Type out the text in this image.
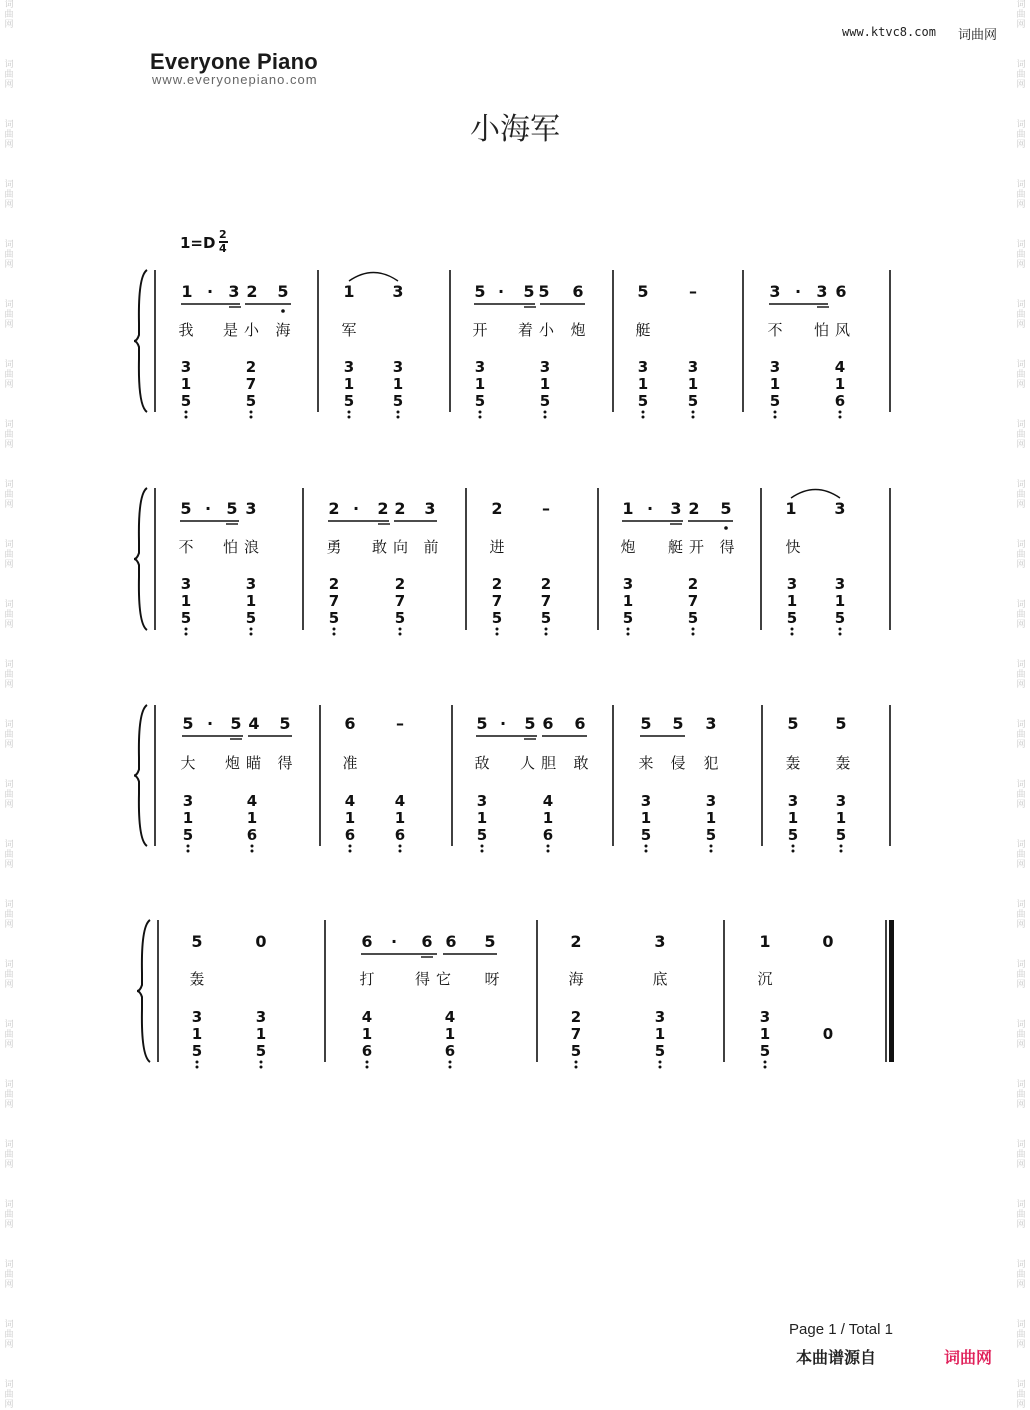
词
曲
网
词
曲
网
词
曲
网
词
曲
网
词
曲
网
词
曲
网
词
曲
网
词
曲
网
词
曲
网
词
曲
网
词
曲
网
词
曲
网
词
曲
网
词
曲
网
词
曲
网
词
曲
网
词
曲
网
词
曲
网
词
曲
网
词
曲
网
词
曲
网
词
曲
网
词
曲
网
词
曲
网
词
曲
网
词
曲
网
词
曲
网
词
曲
网
词
曲
网
词
曲
网
词
曲
网
词
曲
网
词
曲
网
词
曲
网
词
曲
网
词
曲
网
词
曲
网
词
曲
网
词
曲
网
词
曲
网
词
曲
网
词
曲
网
词
曲
网
词
曲
网
词
曲
网
词
曲
网
词
曲
网
词
曲
网
www.ktvc8.com 词曲网
Everyone Piano
www.everyonepiano.com
小海军
1=D 2
4
1 · 3 2 5
我 是小 海
3
1
5
2
7
5
1 3
军
3
1
5
3
1
5
5 · 5 5 6
开 着小 炮
3
1
5
3
1
5
5	–
艇
3
1
5
3
1
5
3 · 3 6
不 怕风
3
1
5
4
1
6
5 · 5 3
不 怕浪
3
1
5
3
1
5
2 · 2 2 3
勇 敢向 前
2
7
5
2
7
5
2 –
进
2
7
5
2
7
5
1 · 3 2 5
炮 艇开 得
3
1
5
2
7
5
1 3
快
3
1
5
3
1
5
5 · 5 4 5
大 炮瞄 得
3
1
5
4
1
6
6	–
准
4
1
6
4
1
6
5 · 5 6 6
敌 人胆 敢
3
1
5
4
1
6
5 5 3
来 侵 犯
3
1
5
3
1
5
5 5
轰 轰
3
1
5
3
1
5
5	0
轰
3
1
5
3
1
5
6 · 6 6 5
打	得它 呀
4
1
6
4
1
6
2	3
海	底
2
7
5
3
1
5
1	0
沉
3
1
5
0
Page 1 / Total 1
本曲谱源自	词曲网
